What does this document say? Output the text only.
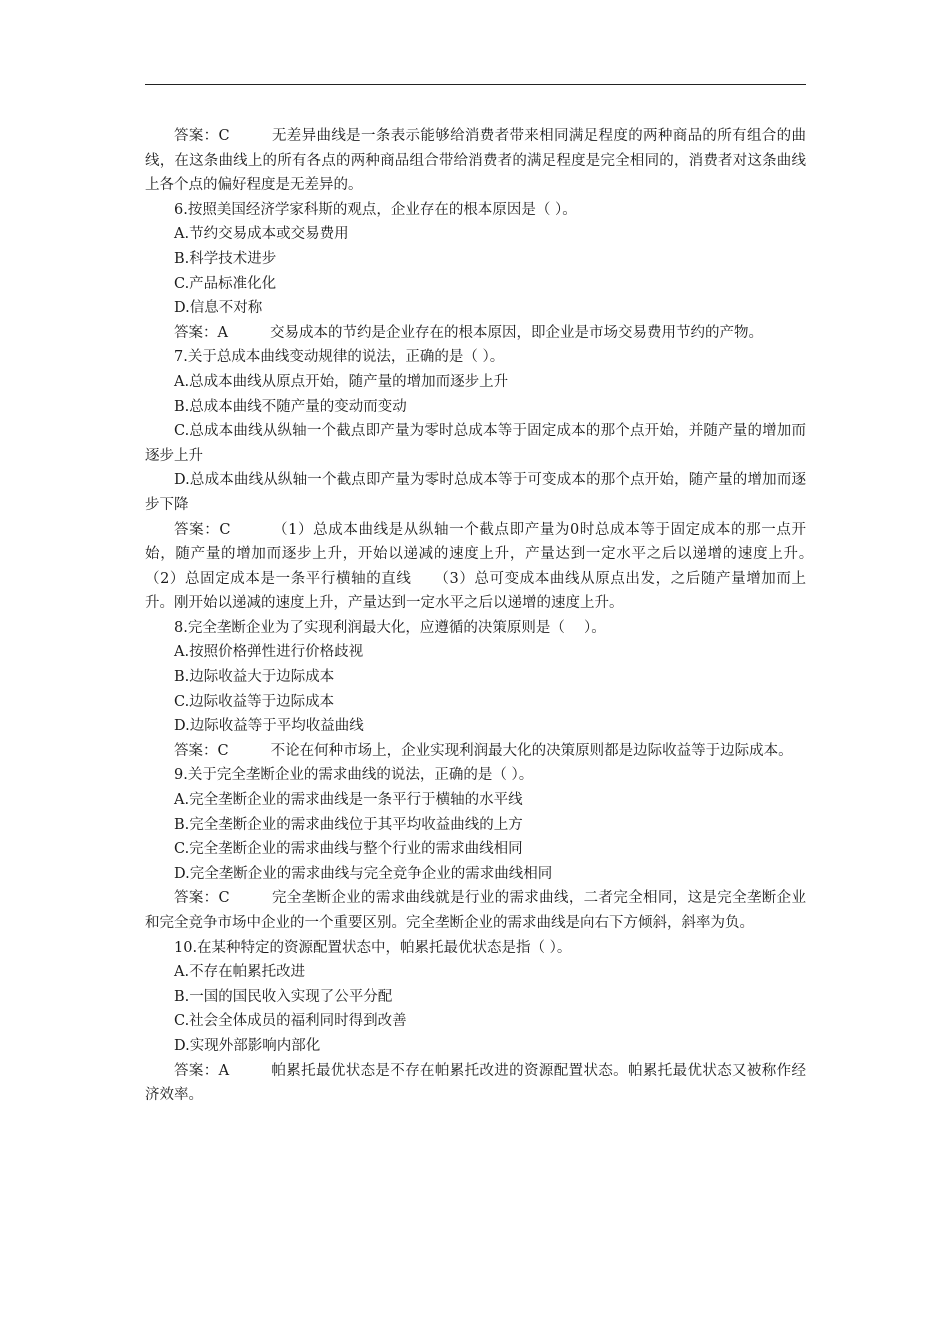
答案：C	无差异曲线是一条表示能够给消费者带来相同满足程度的两种商品的所有组合的曲线，在这条曲线上的所有各点的两种商品组合带给消费者的满足程度是完全相同的，消费者对这条曲线上各个点的偏好程度是无差异的。

6.按照美国经济学家科斯的观点，企业存在的根本原因是（ ）。

A.节约交易成本或交易费用

B.科学技术进步

C.产品标准化化

D.信息不对称

答案：A	交易成本的节约是企业存在的根本原因，即企业是市场交易费用节约的产物。

7.关于总成本曲线变动规律的说法，正确的是（ ）。

A.总成本曲线从原点开始，随产量的增加而逐步上升

B.总成本曲线不随产量的变动而变动

C.总成本曲线从纵轴一个截点即产量为零时总成本等于固定成本的那个点开始，并随产量的增加而逐步上升

D.总成本曲线从纵轴一个截点即产量为零时总成本等于可变成本的那个点开始，随产量的增加而逐步下降

答案：C	（1）总成本曲线是从纵轴一个截点即产量为0时总成本等于固定成本的那一点开始，随产量的增加而逐步上升，开始以递减的速度上升，产量达到一定水平之后以递增的速度上升。　　（2）总固定成本是一条平行横轴的直线　　（3）总可变成本曲线从原点出发，之后随产量增加而上升。刚开始以递减的速度上升，产量达到一定水平之后以递增的速度上升。

8.完全垄断企业为了实现利润最大化，应遵循的决策原则是（　 ）。

A.按照价格弹性进行价格歧视

B.边际收益大于边际成本

C.边际收益等于边际成本

D.边际收益等于平均收益曲线

答案：C	不论在何种市场上，企业实现利润最大化的决策原则都是边际收益等于边际成本。

9.关于完全垄断企业的需求曲线的说法，正确的是（ ）。

A.完全垄断企业的需求曲线是一条平行于横轴的水平线

B.完全垄断企业的需求曲线位于其平均收益曲线的上方

C.完全垄断企业的需求曲线与整个行业的需求曲线相同

D.完全垄断企业的需求曲线与完全竞争企业的需求曲线相同

答案：C	完全垄断企业的需求曲线就是行业的需求曲线，二者完全相同，这是完全垄断企业和完全竞争市场中企业的一个重要区别。完全垄断企业的需求曲线是向右下方倾斜，斜率为负。

10.在某种特定的资源配置状态中，帕累托最优状态是指（ ）。

A.不存在帕累托改进

B.一国的国民收入实现了公平分配

C.社会全体成员的福利同时得到改善

D.实现外部影响内部化

答案：A	帕累托最优状态是不存在帕累托改进的资源配置状态。帕累托最优状态又被称作经济效率。
